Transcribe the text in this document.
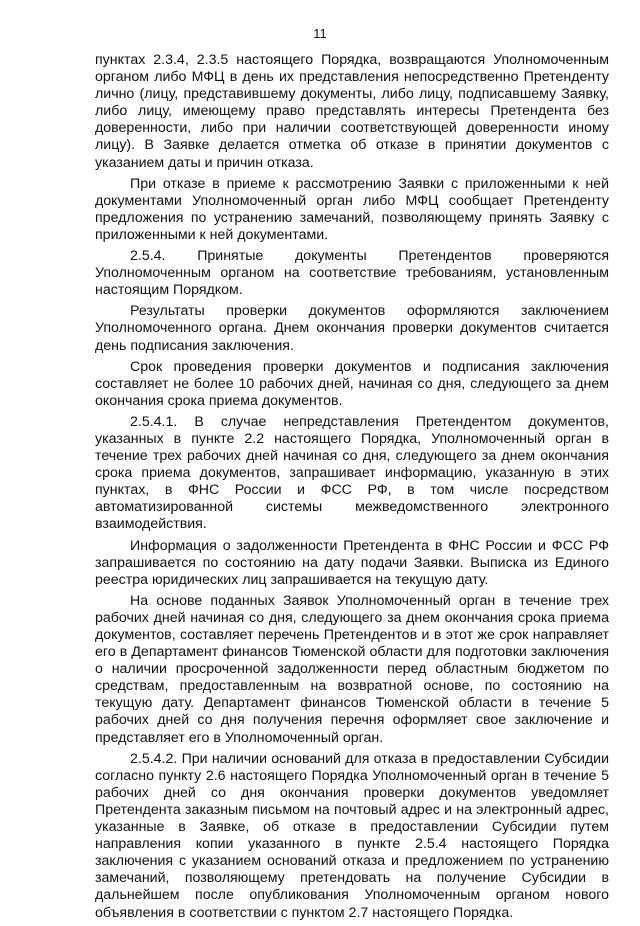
11

пунктах 2.3.4, 2.3.5 настоящего Порядка, возвращаются Уполномоченным органом либо МФЦ в день их представления непосредственно Претенденту лично (лицу, представившему документы, либо лицу, подписавшему Заявку, либо лицу, имеющему право представлять интересы Претендента без доверенности, либо при наличии соответствующей доверенности иному лицу). В Заявке делается отметка об отказе в принятии документов с указанием даты и причин отказа.

При отказе в приеме к рассмотрению Заявки с приложенными к ней документами Уполномоченный орган либо МФЦ сообщает Претенденту предложения по устранению замечаний, позволяющему принять Заявку с приложенными к ней документами.

2.5.4. Принятые документы Претендентов проверяются Уполномоченным органом на соответствие требованиям, установленным настоящим Порядком.

Результаты проверки документов оформляются заключением Уполномоченного органа. Днем окончания проверки документов считается день подписания заключения.

Срок проведения проверки документов и подписания заключения составляет не более 10 рабочих дней, начиная со дня, следующего за днем окончания срока приема документов.

2.5.4.1. В случае непредставления Претендентом документов, указанных в пункте 2.2 настоящего Порядка, Уполномоченный орган в течение трех рабочих дней начиная со дня, следующего за днем окончания срока приема документов, запрашивает информацию, указанную в этих пунктах, в ФНС России и ФСС РФ, в том числе посредством автоматизированной системы межведомственного электронного взаимодействия.

Информация о задолженности Претендента в ФНС России и ФСС РФ запрашивается по состоянию на дату подачи Заявки. Выписка из Единого реестра юридических лиц запрашивается на текущую дату.

На основе поданных Заявок Уполномоченный орган в течение трех рабочих дней начиная со дня, следующего за днем окончания срока приема документов, составляет перечень Претендентов и в этот же срок направляет его в Департамент финансов Тюменской области для подготовки заключения о наличии просроченной задолженности перед областным бюджетом по средствам, предоставленным на возвратной основе, по состоянию на текущую дату. Департамент финансов Тюменской области в течение 5 рабочих дней со дня получения перечня оформляет свое заключение и представляет его в Уполномоченный орган.

2.5.4.2. При наличии оснований для отказа в предоставлении Субсидии согласно пункту 2.6 настоящего Порядка Уполномоченный орган в течение 5 рабочих дней со дня окончания проверки документов уведомляет Претендента заказным письмом на почтовый адрес и на электронный адрес, указанные в Заявке, об отказе в предоставлении Субсидии путем направления копии указанного в пункте 2.5.4 настоящего Порядка заключения с указанием оснований отказа и предложением по устранению замечаний, позволяющему претендовать на получение Субсидии в дальнейшем после опубликования Уполномоченным органом нового объявления в соответствии с пунктом 2.7 настоящего Порядка.
